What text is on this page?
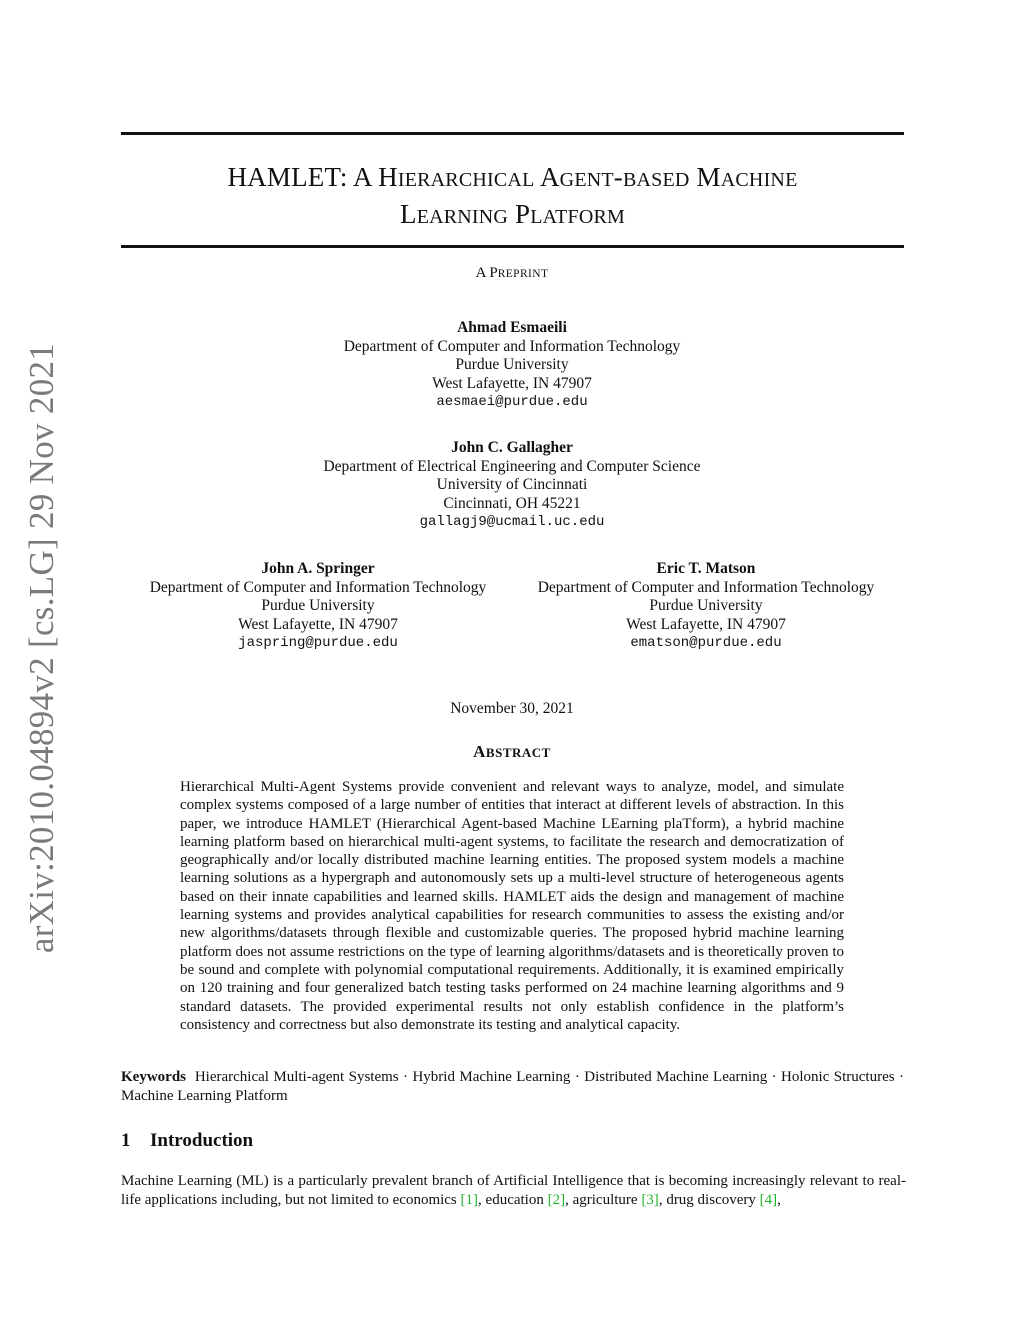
arXiv:2010.04894v2 [cs.LG] 29 Nov 2021
HAMLET: A HIERARCHICAL AGENT-BASED MACHINE
LEARNING PLATFORM
A PREPRINT
Ahmad Esmaeili
Department of Computer and Information Technology
Purdue University
West Lafayette, IN 47907
aesmaei@purdue.edu
John C. Gallagher
Department of Electrical Engineering and Computer Science
University of Cincinnati
Cincinnati, OH 45221
gallagj9@ucmail.uc.edu
John A. Springer
Department of Computer and Information Technology
Purdue University
West Lafayette, IN 47907
jaspring@purdue.edu
Eric T. Matson
Department of Computer and Information Technology
Purdue University
West Lafayette, IN 47907
ematson@purdue.edu
November 30, 2021
ABSTRACT
Hierarchical Multi-Agent Systems provide convenient and relevant ways to analyze, model, and simulate complex systems composed of a large number of entities that interact at different levels of abstraction. In this paper, we introduce HAMLET (Hierarchical Agent-based Machine LEarning plaTform), a hybrid machine learning platform based on hierarchical multi-agent systems, to facilitate the research and democratization of geographically and/or locally distributed machine learning entities. The proposed system models a machine learning solutions as a hypergraph and autonomously sets up a multi-level structure of heterogeneous agents based on their innate capabilities and learned skills. HAMLET aids the design and management of machine learning systems and provides analytical capabilities for research communities to assess the existing and/or new algorithms/datasets through flexible and customizable queries. The proposed hybrid machine learning platform does not assume restrictions on the type of learning algorithms/datasets and is theoretically proven to be sound and complete with polynomial computational requirements. Additionally, it is examined empirically on 120 training and four generalized batch testing tasks performed on 24 machine learning algorithms and 9 standard datasets. The provided experimental results not only establish confidence in the platform’s consistency and correctness but also demonstrate its testing and analytical capacity.
Keywords Hierarchical Multi-agent Systems · Hybrid Machine Learning · Distributed Machine Learning · Holonic Structures · Machine Learning Platform
1 Introduction
Machine Learning (ML) is a particularly prevalent branch of Artificial Intelligence that is becoming increasingly relevant to real-life applications including, but not limited to economics [1], education [2], agriculture [3], drug discovery [4],
